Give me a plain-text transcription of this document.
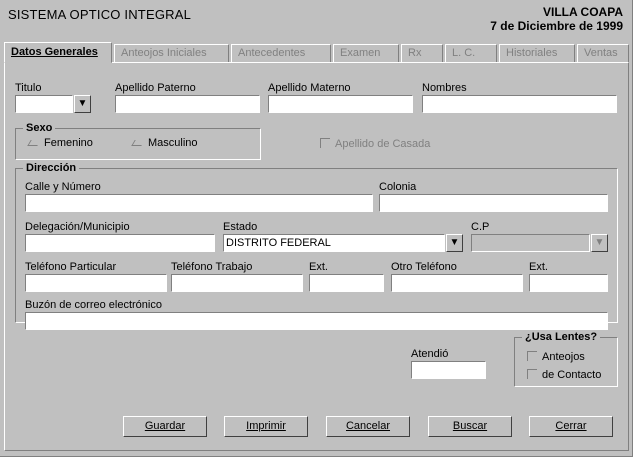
SISTEMA OPTICO INTEGRAL	VILLA COAPA
7 de Diciembre de 1999
Datos Generales	Anteojos Iniciales	Antecedentes	Examen	Rx	L. C.	Historiales	Ventas
Titulo	Apellido Paterno	Apellido Materno	Nombres
▼
Sexo
Femenino	Masculino	Apellido de Casada
Dirección
Calle y Número	Colonia
Delegación/Municipio	Estado
DISTRITO FEDERAL	▼
C.P
▼
Teléfono Particular	Teléfono Trabajo	Ext.	Otro Teléfono	Ext.
Buzón de correo electrónico
Atendió
¿Usa Lentes?
Anteojos
de Contacto
Guardar	Imprimir	Cancelar	Buscar	Cerrar
